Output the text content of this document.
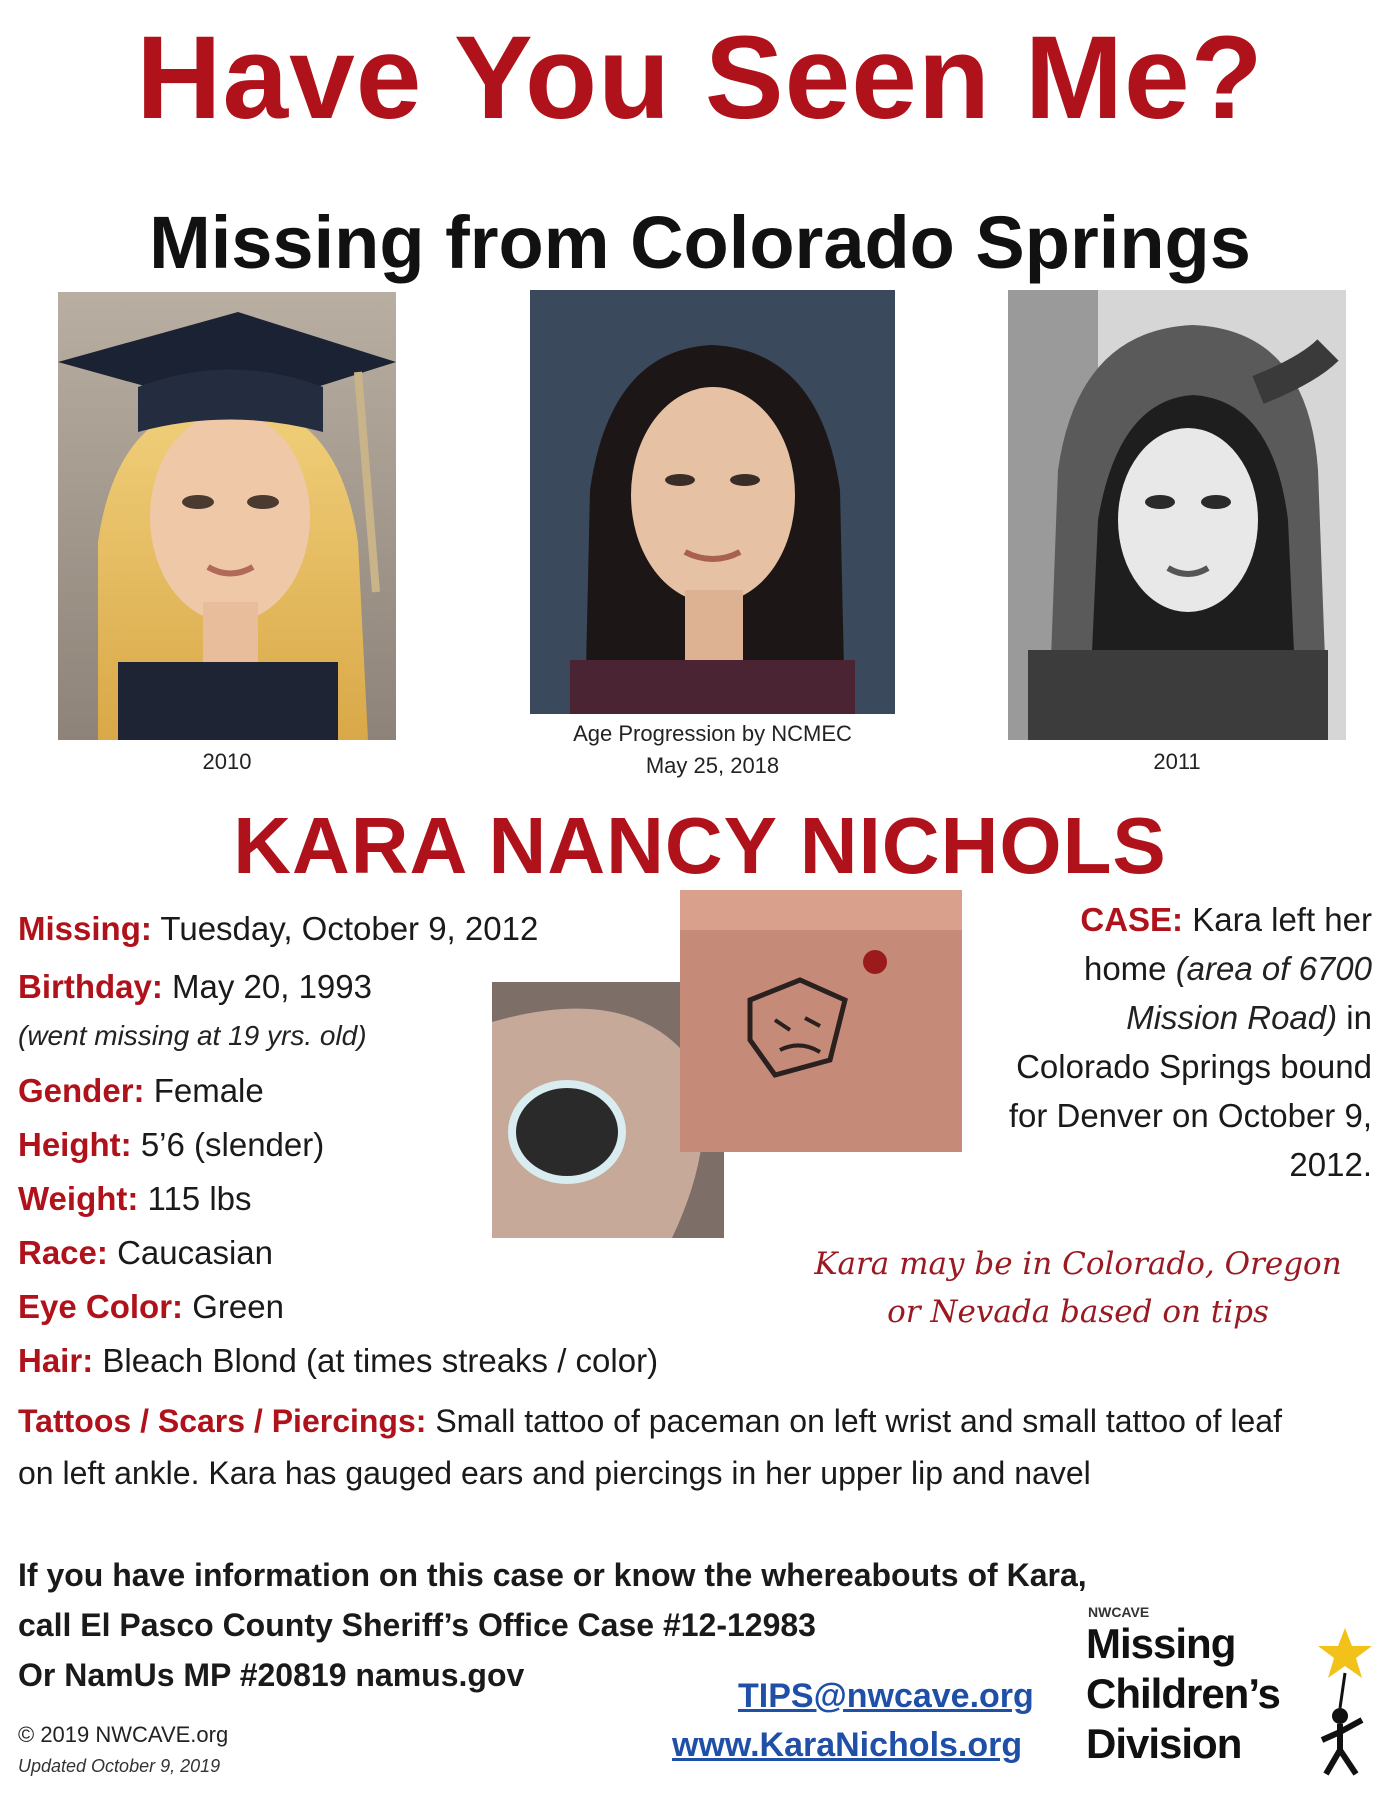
Have You Seen Me?
Missing from Colorado Springs
2010
Age Progression by NCMEC
May 25, 2018	2011
KARA NANCY NICHOLS
Missing: Tuesday, October 9, 2012
Birthday: May 20, 1993
(went missing at 19 yrs. old)
Gender: Female
Height: 5’6 (slender)
Weight: 115 lbs
Race: Caucasian
Eye Color: Green
Hair: Bleach Blond (at times streaks / color)
Tattoos / Scars / Piercings: Small tattoo of paceman on left wrist and small tattoo of leaf on left ankle. Kara has gauged ears and piercings in her upper lip and navel
CASE: Kara left her home (area of 6700 Mission Road) in Colorado Springs bound for Denver on October 9, 2012.
Kara may be in Colorado, Oregon
or Nevada based on tips
If you have information on this case or know the whereabouts of Kara,
call El Pasco County Sheriff’s Office Case #12-12983
Or NamUs MP #20819 namus.gov
TIPS@nwcave.org
www.KaraNichols.org
© 2019 NWCAVE.org
Updated October 9, 2019
NWCAVE
Missing
Children’s
Division
